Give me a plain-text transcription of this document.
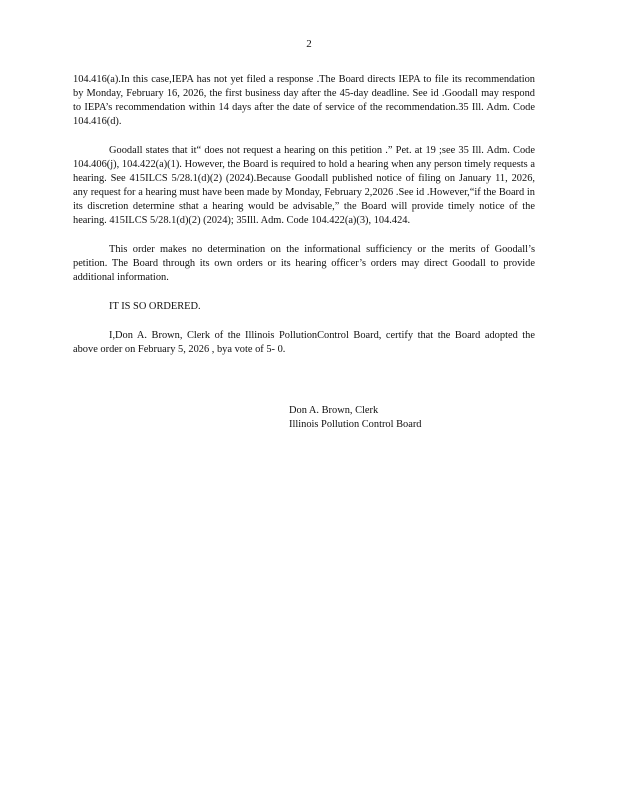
2

104.416(a).In this case,IEPA has not yet filed a response .The Board directs IEPA to file its recommendation by Monday, February 16, 2026, the first business day after the 45-day deadline. See id .Goodall may respond to IEPA’s recommendation within 14 days after the date of service of the recommendation.35 Ill. Adm. Code 104.416(d).

Goodall states that it“ does not request a hearing on this petition .” Pet. at 19 ;see 35 Ill. Adm. Code 104.406(j), 104.422(a)(1). However, the Board is required to hold a hearing when any person timely requests a hearing. See 415ILCS 5/28.1(d)(2) (2024).Because Goodall published notice of filing on January 11, 2026, any request for a hearing must have been made by Monday, February 2,2026 .See id .However,“if the Board in its discretion determine sthat a hearing would be advisable,” the Board will provide timely notice of the hearing. 415ILCS 5/28.1(d)(2) (2024); 35Ill. Adm. Code 104.422(a)(3), 104.424.

This order makes no determination on the informational sufficiency or the merits of Goodall’s petition. The Board through its own orders or its hearing officer’s orders may direct Goodall to provide additional information.

IT IS SO ORDERED.

I,Don A. Brown, Clerk of the Illinois PollutionControl Board, certify that the Board adopted the above order on February 5, 2026 , bya vote of 5- 0.

Don A. Brown, Clerk
Illinois Pollution Control Board
